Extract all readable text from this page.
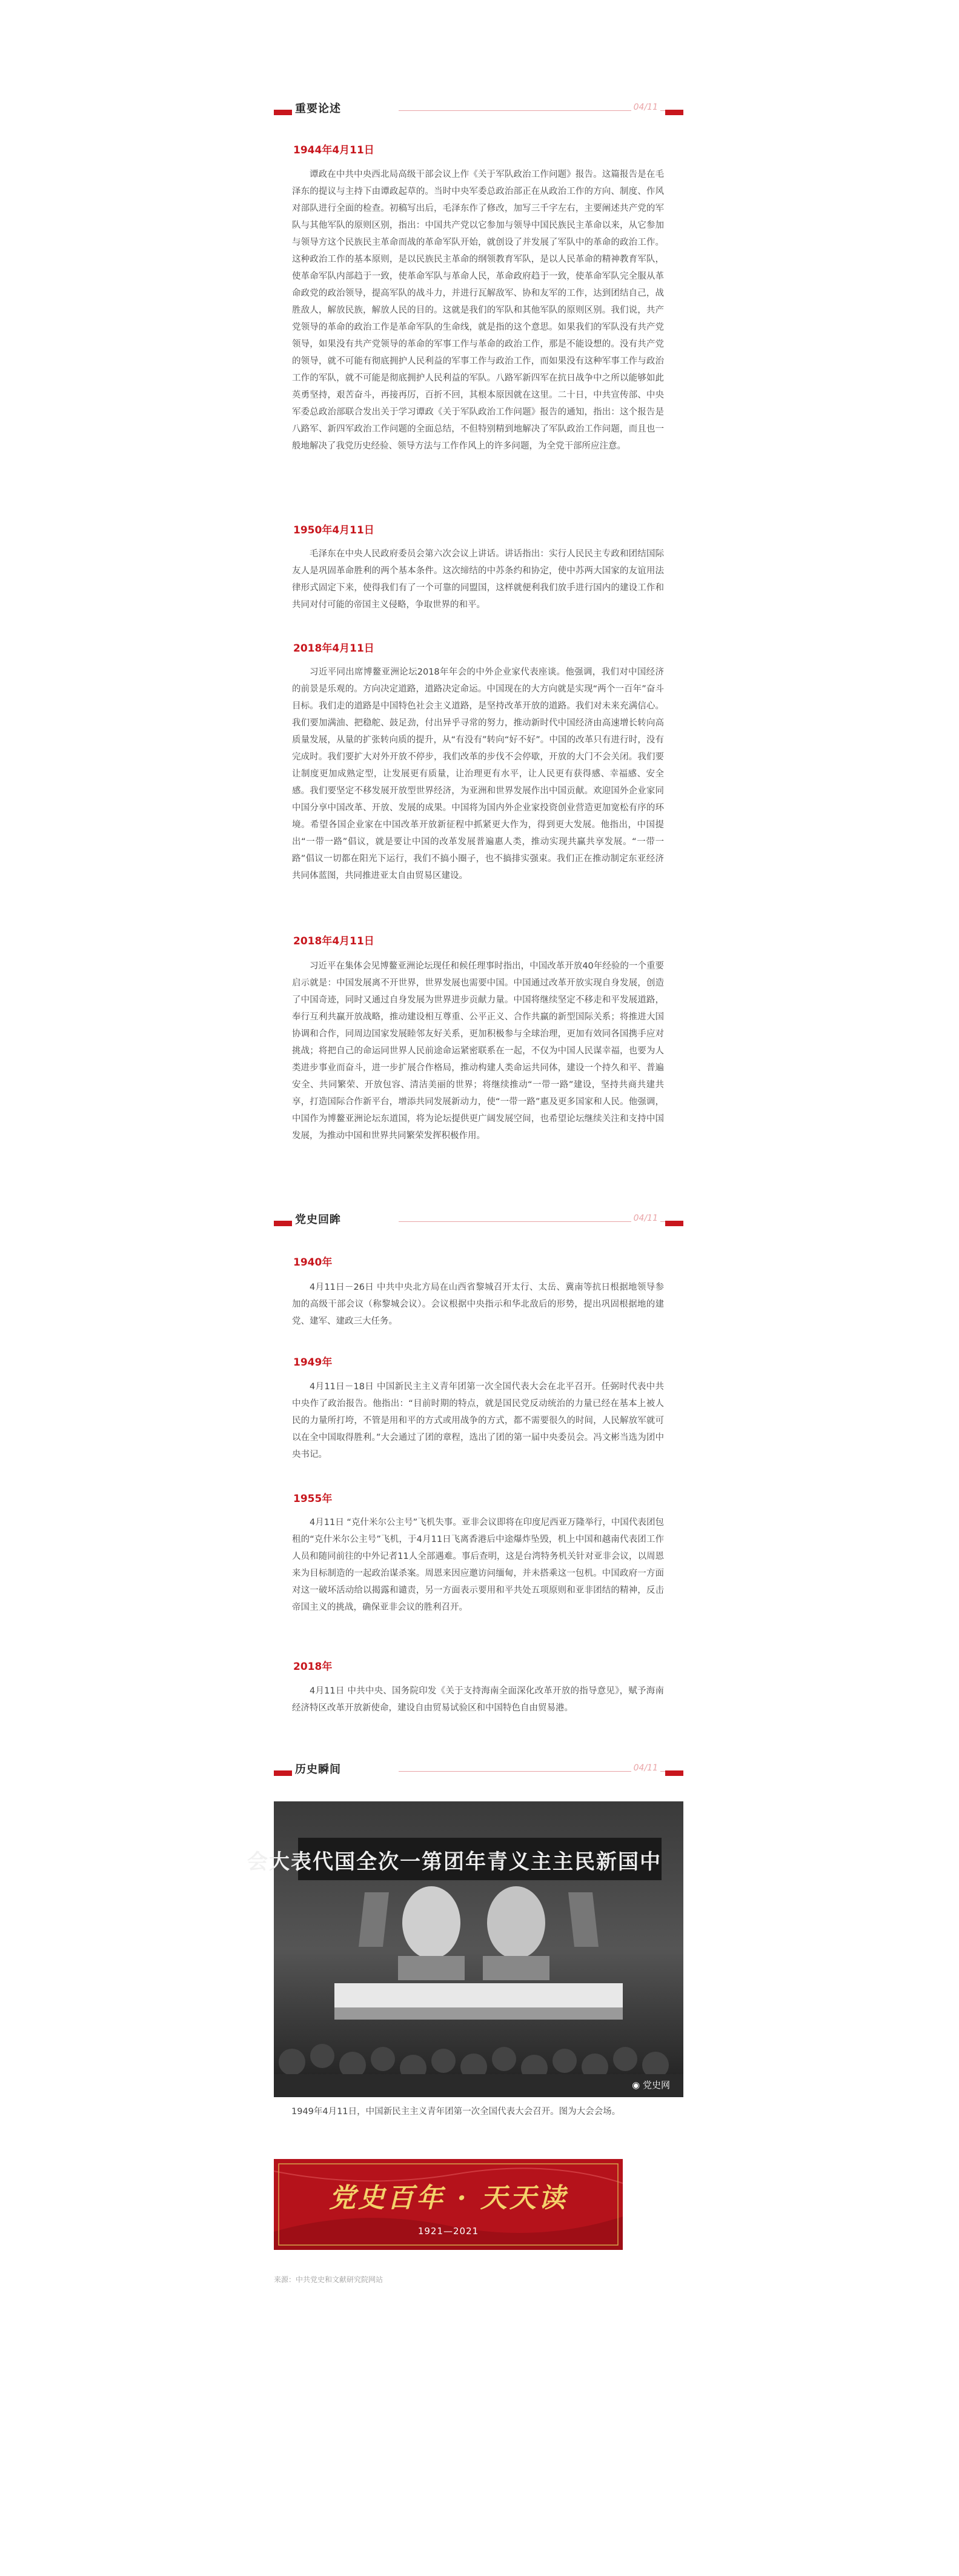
重要论述	04/11
1944年4月11日

谭政在中共中央西北局高级干部会议上作《关于军队政治工作问题》报告。这篇报告是在毛泽东的提议与主持下由谭政起草的。当时中央军委总政治部正在从政治工作的方向、制度、作风对部队进行全面的检查。初稿写出后，毛泽东作了修改，加写三千字左右，主要阐述共产党的军队与其他军队的原则区别，指出：中国共产党以它参加与领导中国民族民主革命以来，从它参加与领导方这个民族民主革命而战的革命军队开始，就创设了并发展了军队中的革命的政治工作。这种政治工作的基本原则，是以民族民主革命的纲领教育军队，是以人民革命的精神教育军队，使革命军队内部趋于一致，使革命军队与革命人民，革命政府趋于一致，使革命军队完全服从革命政党的政治领导，提高军队的战斗力，并进行瓦解敌军、协和友军的工作，达到团结自己，战胜敌人，解放民族，解放人民的目的。这就是我们的军队和其他军队的原则区别。我们说，共产党领导的革命的政治工作是革命军队的生命线，就是指的这个意思。如果我们的军队没有共产党领导，如果没有共产党领导的革命的军事工作与革命的政治工作，那是不能设想的。没有共产党的领导，就不可能有彻底拥护人民利益的军事工作与政治工作，而如果没有这种军事工作与政治工作的军队，就不可能是彻底拥护人民利益的军队。八路军新四军在抗日战争中之所以能够如此英勇坚持，艰苦奋斗，再接再厉，百折不回，其根本原因就在这里。二十日，中共宣传部、中央军委总政治部联合发出关于学习谭政《关于军队政治工作问题》报告的通知，指出：这个报告是八路军、新四军政治工作问题的全面总结，不但特别精到地解决了军队政治工作问题，而且也一般地解决了我党历史经验、领导方法与工作作风上的许多问题，为全党干部所应注意。

1950年4月11日

毛泽东在中央人民政府委员会第六次会议上讲话。讲话指出：实行人民民主专政和团结国际友人是巩固革命胜利的两个基本条件。这次缔结的中苏条约和协定，使中苏两大国家的友谊用法律形式固定下来，使得我们有了一个可靠的同盟国，这样就便利我们放手进行国内的建设工作和共同对付可能的帝国主义侵略，争取世界的和平。

2018年4月11日

习近平同出席博鳌亚洲论坛2018年年会的中外企业家代表座谈。他强调，我们对中国经济的前景是乐观的。方向决定道路，道路决定命运。中国现在的大方向就是实现“两个一百年”奋斗目标。我们走的道路是中国特色社会主义道路，是坚持改革开放的道路。我们对未来充满信心。我们要加满油、把稳舵、鼓足劲，付出异乎寻常的努力，推动新时代中国经济由高速增长转向高质量发展，从量的扩张转向质的提升，从“有没有”转向“好不好”。中国的改革只有进行时，没有完成时。我们要扩大对外开放不停步，我们改革的步伐不会停歇，开放的大门不会关闭。我们要让制度更加成熟定型，让发展更有质量，让治理更有水平，让人民更有获得感、幸福感、安全感。我们要坚定不移发展开放型世界经济，为亚洲和世界发展作出中国贡献。欢迎国外企业家同中国分享中国改革、开放、发展的成果。中国将为国内外企业家投资创业营造更加宽松有序的环境。希望各国企业家在中国改革开放新征程中抓紧更大作为，得到更大发展。他指出，中国提出“一带一路”倡议，就是要让中国的改革发展普遍惠人类，推动实现共赢共享发展。“一带一路”倡议一切都在阳光下运行，我们不搞小圈子，也不搞排实强束。我们正在推动制定东亚经济共同体蓝图，共同推进亚太自由贸易区建设。

2018年4月11日

习近平在集体会见博鳌亚洲论坛现任和候任理事时指出，中国改革开放40年经验的一个重要启示就是：中国发展离不开世界，世界发展也需要中国。中国通过改革开放实现自身发展，创造了中国奇迹，同时又通过自身发展为世界进步贡献力量。中国将继续坚定不移走和平发展道路，奉行互利共赢开放战略，推动建设相互尊重、公平正义、合作共赢的新型国际关系；将推进大国协调和合作，同周边国家发展睦邻友好关系，更加积极参与全球治理，更加有效同各国携手应对挑战；将把自己的命运同世界人民前途命运紧密联系在一起，不仅为中国人民谋幸福，也要为人类进步事业而奋斗，进一步扩展合作格局，推动构建人类命运共同体，建设一个持久和平、普遍安全、共同繁荣、开放包容、清洁美丽的世界；将继续推动“一带一路”建设，坚持共商共建共享，打造国际合作新平台，增添共同发展新动力，使“一带一路”惠及更多国家和人民。他强调，中国作为博鳌亚洲论坛东道国，将为论坛提供更广阔发展空间，也希望论坛继续关注和支持中国发展，为推动中国和世界共同繁荣发挥积极作用。

党史回眸	04/11
1940年

4月11日－26日 中共中央北方局在山西省黎城召开太行、太岳、冀南等抗日根据地领导参加的高级干部会议（称黎城会议）。会议根据中央指示和华北敌后的形势，提出巩固根据地的建党、建军、建政三大任务。

1949年

4月11日－18日 中国新民主主义青年团第一次全国代表大会在北平召开。任弼时代表中共中央作了政治报告。他指出：“目前时期的特点，就是国民党反动统治的力量已经在基本上被人民的力量所打垮，不管是用和平的方式或用战争的方式，都不需要很久的时间，人民解放军就可以在全中国取得胜利。”大会通过了团的章程，选出了团的第一届中央委员会。冯文彬当选为团中央书记。

1955年

4月11日 “克什米尔公主号”飞机失事。亚非会议即将在印度尼西亚万隆举行，中国代表团包租的“克什米尔公主号”飞机，于4月11日飞离香港后中途爆炸坠毁，机上中国和越南代表团工作人员和随同前往的中外记者11人全部遇难。事后查明，这是台湾特务机关针对亚非会议，以周恩来为目标制造的一起政治谋杀案。周恩来因应邀访问缅甸，并未搭乘这一包机。中国政府一方面对这一破坏活动给以揭露和谴责，另一方面表示要用和平共处五项原则和亚非团结的精神，反击帝国主义的挑战，确保亚非会议的胜利召开。

2018年

4月11日 中共中央、国务院印发《关于支持海南全面深化改革开放的指导意见》，赋予海南经济特区改革开放新使命，建设自由贸易试验区和中国特色自由贸易港。

历史瞬间	04/11
中国新民主主义青年团第一次全国代表大会
◉ 党史网

1949年4月11日，中国新民主主义青年团第一次全国代表大会召开。图为大会会场。

党史百年 · 天天读
1921—2021
来源：中共党史和文献研究院网站
